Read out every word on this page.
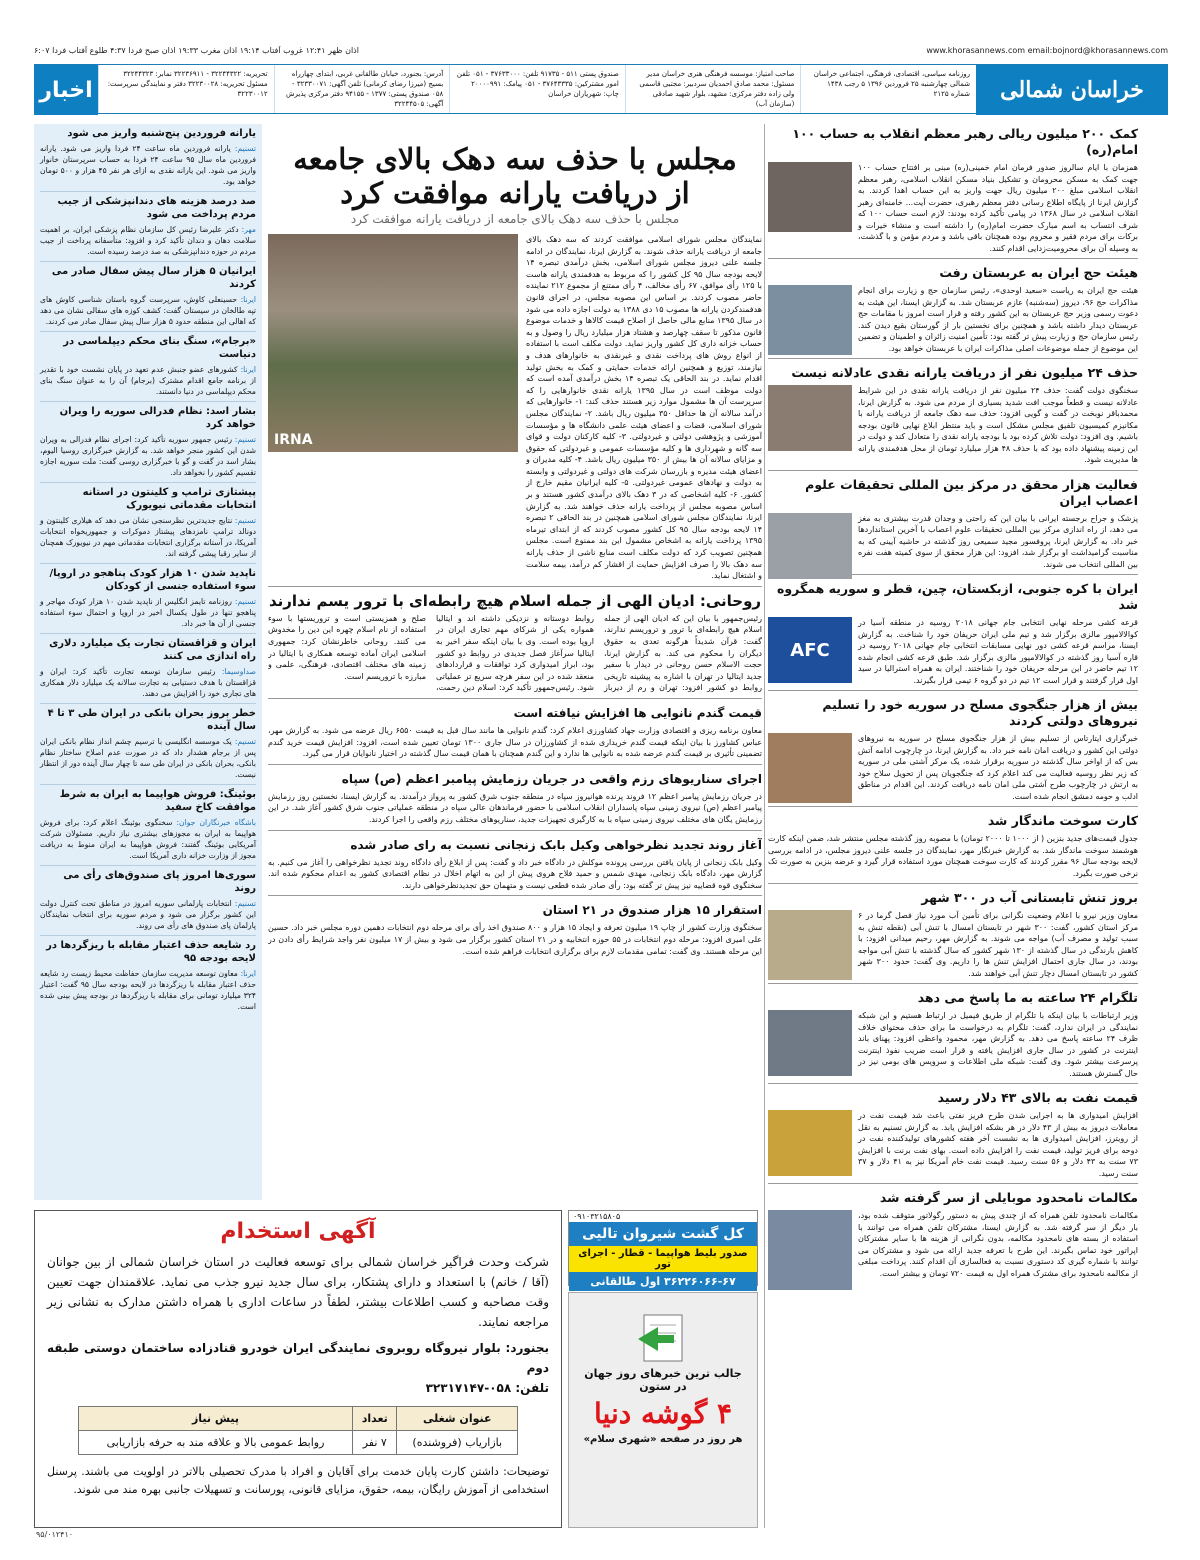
اذان ظهر ۱۲:۴۱ غروب آفتاب ۱۹:۱۴ اذان مغرب ۱۹:۳۳ اذان صبح فردا ۴:۳۷ طلوع آفتاب فردا ۶:۰۷	www.khorasannews.com email:bojnord@khorasannews.com
خراسان شمالی
روزنامه سیاسی، اقتصادی، فرهنگی، اجتماعی خراسان شمالی چهارشنبه ۲۵ فروردین ۱۳۹۶ ۵ رجب ۱۴۳۸ شماره ۲۱۲۵
صاحب امتیاز: موسسه فرهنگی هنری خراسان مدیر مسئول: محمد صادق احمدیان سردبیر: مجتبی قاسمی ولی زاده دفتر مرکزی: مشهد، بلوار شهید صادقی (سازمان آب)
صندوق پستی ۵۱۱ - ۹۱۷۳۵ تلفن: ۳۷۶۳۳۰۰۰ - ۰۵۱ تلفن امور مشترکین: ۳۷۶۴۳۳۳۵ - ۰۵۱ پیامک: ۲۰۰۰۰۹۹۱ چاپ: شهریاران خراسان
آدرس: بجنورد، خیابان طالقانی غربی، ابتدای چهارراه بسیج (میرزا رضای کرمانی) تلفن آگهی: ۳۲۳۳۰۰۷۱ - ۰۵۸ صندوق پستی: ۱۳۷۷ - ۹۴۱۵۵ دفتر مرکزی پذیرش آگهی: ۳۲۲۴۴۵۰۵
تحریریه: ۳۲۲۴۴۳۲۲ - ۳۲۲۳۶۹۱۱ نمابر: ۳۲۲۴۴۳۲۳ مسئول تحریریه: ۳۲۲۳۰۰۲۸ دفتر و نمایندگی سرپرست: ۳۲۲۳۰۰۱۲
اخبار
کمک ۲۰۰ میلیون ریالی رهبر معظم انقلاب به حساب ۱۰۰ امام(ره)
همزمان با ایام سالروز صدور فرمان امام خمینی(ره) مبنی بر افتتاح حساب ۱۰۰ جهت کمک به مسکن محرومان و تشکیل بنیاد مسکن انقلاب اسلامی، رهبر معظم انقلاب اسلامی مبلغ ۲۰۰ میلیون ریال جهت واریز به این حساب اهدا کردند. به گزارش ایرنا از پایگاه اطلاع رسانی دفتر معظم رهبری، حضرت آیت... خامنه‌ای رهبر انقلاب اسلامی در سال ۱۳۶۸ در پیامی تأکید کرده بودند: لازم است حساب ۱۰۰ که شرف انتساب به اسم مبارک حضرت امام(ره) را داشته است و منشاء خیرات و برکات برای مردم فقیر و محروم بوده همچنان باقی باشد و مردم مؤمن و با گذشت، به وسیله آن برای محرومیت‌زدایی اقدام کنند.
هیئت حج ایران به عربستان رفت
هیئت حج ایران به ریاست «سعید اوحدی»، رئیس سازمان حج و زیارت برای انجام مذاکرات حج ۹۶، دیروز (سه‌شنبه) عازم عربستان شد. به گزارش ایسنا، این هیئت به دعوت رسمی وزیر حج عربستان به این کشور رفته و قرار است امروز با مقامات حج عربستان دیدار داشته باشد و همچنین برای نخستین بار از گورستان بقیع دیدن کند. رئیس سازمان حج و زیارت پیش تر گفته بود: تأمین امنیت زائران و اطمینان و تضمین این موضوع از جمله موضوعات اصلی مذاکرات ایران با عربستان خواهد بود.
حذف ۲۴ میلیون نفر از دریافت یارانه نقدی عادلانه نیست
سخنگوی دولت گفت: حذف ۲۴ میلیون نفر از دریافت یارانه نقدی در این شرایط عادلانه نیست و قطعاً موجب افت شدید بسیاری از مردم می شود. به گزارش ایرنا، محمدباقر نوبخت در گفت و گویی افزود: حذف سه دهک جامعه از دریافت یارانه با مکانیزم کمیسیون تلفیق مجلس مشکل است و باید منتظر ابلاغ نهایی قانون بودجه باشیم. وی افزود: دولت تلاش کرده بود با بودجه یارانه نقدی را متعادل کند و دولت در این زمینه پیشنهاد داده بود که با حذف ۴۸ هزار میلیارد تومان از محل هدفمندی یارانه ها مدیریت شود.
فعالیت هزار محقق در مرکز بین المللی تحقیقات علوم اعصاب ایران
پزشک و جراح برجسته ایرانی با بیان این که راحتی و وجدان قدرت بیشتری به مغز می دهد، از راه اندازی مرکز بین المللی تحقیقات علوم اعصاب با آخرین استانداردها خبر داد. به گزارش ایرنا، پروفسور مجید سمیعی روز گذشته در حاشیه آیینی که به مناسبت گرامیداشت او برگزار شد، افزود: این هزار محقق از سوی کمیته هفت نفره بین المللی انتخاب می شوند.
ایران با کره جنوبی، ازبکستان، چین، قطر و سوریه همگروه شد
AFC
قرعه کشی مرحله نهایی انتخابی جام جهانی ۲۰۱۸ روسیه در منطقه آسیا در کوالالامپور مالزی برگزار شد و تیم ملی ایران حریفان خود را شناخت. به گزارش ایسنا، مراسم قرعه کشی دور نهایی مسابقات انتخابی جام جهانی ۲۰۱۸ روسیه در قاره آسیا روز گذشته در کوالالامپور مالزی برگزار شد. طبق قرعه کشی انجام شده ۱۲ تیم حاضر در این مرحله حریفان خود را شناختند. ایران به همراه استرالیا در سید اول قرار گرفتند و قرار است ۱۲ تیم در دو گروه ۶ تیمی قرار بگیرند.
بیش از هزار جنگجوی مسلح در سوریه خود را تسلیم نیروهای دولتی کردند
خبرگزاری ایتارتاس از تسلیم بیش از هزار جنگجوی مسلح در سوریه به نیروهای دولتی این کشور و دریافت امان نامه خبر داد. به گزارش ایرنا، در چارچوب ادامه آتش بس که از اواخر سال گذشته در سوریه برقرار شده، یک مرکز آشتی ملی در سوریه که زیر نظر روسیه فعالیت می کند اعلام کرد که جنگجویان پس از تحویل سلاح خود به ارتش در چارچوب طرح آشتی ملی امان نامه دریافت کردند. این اقدام در مناطق ادلب و حومه دمشق انجام شده است.
کارت سوخت ماندگار شد
جدول قیمت‌های جدید بنزین ( از ۱۰۰۰ تا ۲۰۰۰ تومان) با مصوبه روز گذشته مجلس منتشر شد، ضمن اینکه کارت هوشمند سوخت ماندگار شد. به گزارش خبرنگار مهر، نمایندگان در جلسه علنی دیروز مجلس، در ادامه بررسی لایحه بودجه سال ۹۶ مقرر کردند که کارت سوخت همچنان مورد استفاده قرار گیرد و عرضه بنزین به صورت تک نرخی صورت بگیرد.
بروز تنش تابستانی آب در ۳۰۰ شهر
معاون وزیر نیرو با اعلام وضعیت نگرانی برای تأمین آب مورد نیاز فصل گرما در ۶ مرکز استان کشور، گفت: ۳۰۰ شهر در تابستان امسال با تنش آبی (نقطه تنش به سبب تولید و مصرف آب) مواجه می شوند. به گزارش مهر، رحیم میدانی افزود: با کاهش بارندگی در سال گذشته از ۱۳۰ شهر کشور که سال گذشته با تنش آبی مواجه بودند، در سال جاری احتمال افزایش تنش ها را داریم. وی گفت: حدود ۳۰۰ شهر کشور در تابستان امسال دچار تنش آبی خواهند شد.
تلگرام ۲۴ ساعته به ما پاسخ می دهد
وزیر ارتباطات با بیان اینکه با تلگرام از طریق فیمیل در ارتباط هستیم و این شبکه نمایندگی در ایران ندارد، گفت: تلگرام به درخواست ما برای حذف محتوای خلاف ظرف ۲۴ ساعته پاسخ می دهد. به گزارش مهر، محمود واعظی افزود: پهنای باند اینترنت در کشور در سال جاری افزایش یافته و قرار است ضریب نفوذ اینترنت پرسرعت بیشتر شود. وی گفت: شبکه ملی اطلاعات و سرویس های بومی نیز در حال گسترش هستند.
قیمت نفت به بالای ۴۳ دلار رسید
افزایش امیدواری ها به اجرایی شدن طرح فریز نفتی باعث شد قیمت نفت در معاملات دیروز به بیش از ۴۳ دلار در هر بشکه افزایش یابد. به گزارش تسنیم به نقل از رویترز، افزایش امیدواری ها به نشست آخر هفته کشورهای تولیدکننده نفت در دوحه برای فریز تولید، قیمت نفت را افزایش داده است. بهای نفت برنت با افزایش ۷۳ سنت به ۴۳ دلار و ۵۶ سنت رسید. قیمت نفت خام آمریکا نیز به ۴۱ دلار و ۳۷ سنت رسید.
مکالمات نامحدود موبایلی از سر گرفته شد
مکالمات نامحدود تلفن همراه که از چندی پیش به دستور رگولاتور متوقف شده بود، بار دیگر از سر گرفته شد. به گزارش ایسنا، مشترکان تلفن همراه می توانند با استفاده از بسته های نامحدود مکالمه، بدون نگرانی از هزینه ها با سایر مشترکان اپراتور خود تماس بگیرند. این طرح با تعرفه جدید ارائه می شود و مشترکان می توانند با شماره گیری کد دستوری نسبت به فعالسازی آن اقدام کنند. پرداخت مبلغی از مکالمه نامحدود برای مشترک همراه اول به قیمت ۷۲۰ تومان و بیشتر است.
مجلس با حذف سه دهک بالای جامعه
از دریافت یارانه موافقت کرد
مجلس با حذف سه دهک بالای جامعه از دریافت یارانه موافقت کرد
نمایندگان مجلس شورای اسلامی موافقت کردند که سه دهک بالای جامعه از دریافت یارانه حذف شوند. به گزارش ایرنا، نمایندگان در ادامه جلسه علنی دیروز مجلس شورای اسلامی، بخش درآمدی تبصره ۱۴ لایحه بودجه سال ۹۵ کل کشور را که مربوط به هدفمندی یارانه هاست با ۱۲۵ رأی موافق، ۶۷ رأی مخالف، ۴ رأی ممتنع از مجموع ۲۱۲ نماینده حاضر مصوب کردند. بر اساس این مصوبه مجلس، در اجرای قانون هدفمندکردن یارانه ها مصوب ۱۵ دی ۱۳۸۸ به دولت اجازه داده می شود در سال ۱۳۹۵ منابع مالی حاصل از اصلاح قیمت کالاها و خدمات موضوع قانون مذکور تا سقف چهارصد و هشتاد هزار میلیارد ریال را وصول و به حساب خزانه داری کل کشور واریز نماید. دولت مکلف است با استفاده از انواع روش های پرداخت نقدی و غیرنقدی به خانوارهای هدف و نیازمند، توزیع و همچنین ارائه خدمات حمایتی و کمک به بخش تولید اقدام نماید. در بند الحاقی یک تبصره ۱۴ بخش درآمدی آمده است که دولت موظف است در سال ۱۳۹۵ یارانه نقدی خانوارهایی را که سرپرست آن ها مشمول موارد زیر هستند حذف کند: ۱- خانوارهایی که درآمد سالانه آن ها حداقل ۳۵۰ میلیون ریال باشد. ۲- نمایندگان مجلس شورای اسلامی، قضات و اعضای هیئت علمی دانشگاه ها و مؤسسات آموزشی و پژوهشی دولتی و غیردولتی. ۳- کلیه کارکنان دولت و قوای سه گانه و شهرداری ها و کلیه مؤسسات عمومی و غیردولتی که حقوق و مزایای سالانه آن ها بیش از ۳۵۰ میلیون ریال باشد. ۴- کلیه مدیران و اعضای هیئت مدیره و بازرسان شرکت های دولتی و غیردولتی و وابسته به دولت و نهادهای عمومی غیردولتی. ۵- کلیه ایرانیان مقیم خارج از کشور. ۶- کلیه اشخاصی که در ۳ دهک بالای درآمدی کشور هستند و بر اساس مصوبه مجلس از پرداخت یارانه حذف خواهند شد. به گزارش ایرنا، نمایندگان مجلس شورای اسلامی همچنین در بند الحاقی ۲ تبصره ۱۴ لایحه بودجه سال ۹۵ کل کشور مصوب کردند که از ابتدای تیرماه ۱۳۹۵ پرداخت یارانه به اشخاص مشمول این بند ممنوع است. مجلس همچنین تصویب کرد که دولت مکلف است منابع ناشی از حذف یارانه سه دهک بالا را صرف افزایش حمایت از اقشار کم درآمد، بیمه سلامت و اشتغال نماید.
IRNA
روحانی: ادیان الهی از جمله اسلام هیچ رابطه‌ای با ترور یسم ندارند
رئیس‌جمهور با بیان این که ادیان الهی از جمله اسلام هیچ رابطه‌ای با ترور و تروریسم ندارند، گفت: قرآن شدیداً هرگونه تعدی به حقوق دیگران را محکوم می کند. به گزارش ایرنا، حجت الاسلام حسن روحانی در دیدار با سفیر جدید ایتالیا در تهران با اشاره به پیشینه تاریخی روابط دو کشور افزود: تهران و رم از دیرباز روابط دوستانه و نزدیکی داشته اند و ایتالیا همواره یکی از شرکای مهم تجاری ایران در اروپا بوده است. وی با بیان اینکه سفر اخیر به ایتالیا سرآغاز فصل جدیدی در روابط دو کشور بود، ابراز امیدواری کرد توافقات و قراردادهای منعقد شده در این سفر هرچه سریع تر عملیاتی شود. رئیس‌جمهور تأکید کرد: اسلام دین رحمت، صلح و همزیستی است و تروریستها با سوء استفاده از نام اسلام چهره این دین را مخدوش می کنند. روحانی خاطرنشان کرد: جمهوری اسلامی ایران آماده توسعه همکاری با ایتالیا در زمینه های مختلف اقتصادی، فرهنگی، علمی و مبارزه با تروریسم است.
قیمت گندم نانوایی ها افزایش نیافته است
معاون برنامه ریزی و اقتصادی وزارت جهاد کشاورزی اعلام کرد: گندم نانوایی ها مانند سال قبل به قیمت ۶۵۵۰ ریال عرضه می شود. به گزارش مهر، عباس کشاورز با بیان اینکه قیمت گندم خریداری شده از کشاورزان در سال جاری ۱۳۰۰ تومان تعیین شده است، افزود: افزایش قیمت خرید گندم تضمینی تأثیری بر قیمت گندم عرضه شده به نانوایی ها ندارد و این گندم همچنان با همان قیمت سال گذشته در اختیار نانوایان قرار می گیرد.
اجرای سناریوهای رزم واقعی در جریان رزمایش پیامبر اعظم (ص) سپاه
در جریان رزمایش پیامبر اعظم ۱۲ فروند پرنده هوانیروز سپاه در منطقه جنوب شرق کشور به پرواز درآمدند. به گزارش ایسنا، نخستین روز رزمایش پیامبر اعظم (ص) نیروی زمینی سپاه پاسداران انقلاب اسلامی با حضور فرماندهان عالی سپاه در منطقه عملیاتی جنوب شرق کشور آغاز شد. در این رزمایش یگان های مختلف نیروی زمینی سپاه با به کارگیری تجهیزات جدید، سناریوهای مختلف رزم واقعی را اجرا کردند.
آغاز روند تجدید نظرخواهی وکیل بابک زنجانی نسبت به رای صادر شده
وکیل بابک زنجانی از پایان یافتن بررسی پرونده موکلش در دادگاه خبر داد و گفت: پس از ابلاغ رأی دادگاه روند تجدید نظرخواهی را آغاز می کنیم. به گزارش مهر، دادگاه بابک زنجانی، مهدی شمس و حمید فلاح هروی پیش از این به اتهام اخلال در نظام اقتصادی کشور به اعدام محکوم شده اند. سخنگوی قوه قضاییه نیز پیش تر گفته بود: رأی صادر شده قطعی نیست و متهمان حق تجدیدنظرخواهی دارند.
استقرار ۱۵ هزار صندوق در ۲۱ استان
سخنگوی وزارت کشور از چاپ ۱۹ میلیون تعرفه و ایجاد ۱۵ هزار و ۸۰۰ صندوق اخذ رأی برای مرحله دوم انتخابات دهمین دوره مجلس خبر داد. حسین علی امیری افزود: مرحله دوم انتخابات در ۵۵ حوزه انتخابیه و در ۲۱ استان کشور برگزار می شود و بیش از ۱۷ میلیون نفر واجد شرایط رأی دادن در این مرحله هستند. وی گفت: تمامی مقدمات لازم برای برگزاری انتخابات فراهم شده است.
یارانه فروردین پنج‌شنبه واریز می شود
تسنیم: یارانه فروردین ماه ساعت ۲۴ فردا واریز می شود. یارانه فروردین ماه سال ۹۵ ساعت ۲۴ فردا به حساب سرپرستان خانوار واریز می شود. این یارانه نقدی به ازای هر نفر ۴۵ هزار و ۵۰۰ تومان خواهد بود.
صد درصد هزینه های دندانپزشکی از جیب مردم پرداخت می شود
مهر: دکتر علیرضا رئیس کل سازمان نظام پزشکی ایران، بر اهمیت سلامت دهان و دندان تأکید کرد و افزود: متأسفانه پرداخت از جیب مردم در حوزه دندانپزشکی به صد درصد رسیده است.
ایرانیان ۵ هزار سال پیش سفال صادر می کردند
ایرنا: حسینعلی کاوش، سرپرست گروه باستان شناسی کاوش های تپه طالخان در سیستان گفت: کشف کوزه های سفالی نشان می دهد که اهالی این منطقه حدود ۵ هزار سال پیش سفال صادر می کردند.
«برجام»، سنگ بنای محکم دیپلماسی در دنیاست
ایرنا: کشورهای عضو جنبش عدم تعهد در پایان نشست خود با تقدیر از برنامه جامع اقدام مشترک (برجام) آن را به عنوان سنگ بنای محکم دیپلماسی در دنیا دانستند.
بشار اسد: نظام فدرالی سوریه را ویران خواهد کرد
تسنیم: رئیس جمهور سوریه تأکید کرد: اجرای نظام فدرالی به ویران شدن این کشور منجر خواهد شد. به گزارش خبرگزاری روسیا الیوم، بشار اسد در گفت و گو با خبرگزاری روسی گفت: ملت سوریه اجازه تقسیم کشور را نخواهد داد.
پیشتازی ترامپ و کلینتون در استانه انتخابات مقدماتی نیویورک
تسنیم: نتایج جدیدترین نظرسنجی نشان می دهد که هیلاری کلینتون و دونالد ترامپ نامزدهای پیشتاز دموکرات و جمهوریخواه انتخابات آمریکا، در آستانه برگزاری انتخابات مقدماتی مهم در نیویورک همچنان از سایر رقبا پیشی گرفته اند.
ناپدید شدن ۱۰ هزار کودک پناهجو در اروپا/ سوء استفاده جنسی از کودکان
تسنیم: روزنامه تایمز انگلیس از ناپدید شدن ۱۰ هزار کودک مهاجر و پناهجو تنها در طول یکسال اخیر در اروپا و احتمال سوء استفاده جنسی از آن ها خبر داد.
ایران و قزاقستان تجارت یک میلیارد دلاری راه اندازی می کنند
صداوسیما: رئیس سازمان توسعه تجارت تأکید کرد: ایران و قزاقستان با هدف دستیابی به تجارت سالانه یک میلیارد دلار همکاری های تجاری خود را افزایش می دهند.
خطر بروز بحران بانکی در ایران طی ۳ تا ۴ سال آینده
تسنیم: یک موسسه انگلیسی با ترسیم چشم انداز نظام بانکی ایران پس از برجام هشدار داد که در صورت عدم اصلاح ساختار نظام بانکی، بحران بانکی در ایران طی سه تا چهار سال آینده دور از انتظار نیست.
بوئینگ: فروش هواپیما به ایران به شرط موافقت کاخ سفید
باشگاه خبرنگاران جوان: سخنگوی بوئینگ اعلام کرد: برای فروش هواپیما به ایران به مجوزهای بیشتری نیاز داریم. مسئولان شرکت آمریکایی بوئینگ گفتند: فروش هواپیما به ایران منوط به دریافت مجوز از وزارت خزانه داری آمریکا است.
سوری‌ها امروز پای صندوق‌های رأی می روند
تسنیم: انتخابات پارلمانی سوریه امروز در مناطق تحت کنترل دولت این کشور برگزار می شود و مردم سوریه برای انتخاب نمایندگان پارلمان پای صندوق های رأی می روند.
رد شایعه حذف اعتبار مقابله با ریزگردها در لایحه بودجه ۹۵
ایرنا: معاون توسعه مدیریت سازمان حفاظت محیط زیست رد شایعه حذف اعتبار مقابله با ریزگردها در لایحه بودجه سال ۹۵ گفت: اعتبار ۳۲۴ میلیارد تومانی برای مقابله با ریزگردها در بودجه پیش بینی شده است.
آگهی استخدام

شرکت وحدت فراگیر خراسان شمالی برای توسعه فعالیت در استان خراسان شمالی از بین جوانان (آقا / خانم) با استعداد و دارای پشتکار، برای سال جدید نیرو جذب می نماید. علاقمندان جهت تعیین وقت مصاحبه و کسب اطلاعات بیشتر، لطفاً در ساعات اداری با همراه داشتن مدارک به نشانی زیر مراجعه نمایند.

بجنورد: بلوار نیروگاه روبروی نمایندگی ایران خودرو قنادزاده ساختمان دوستی طبقه دوم

تلفن: ۰۵۸-۳۲۳۱۷۱۴۷

عنوان شغلی	تعداد	پیش نیاز
بازاریاب (فروشنده)	۷ نفر	روابط عمومی بالا و علاقه مند به حرفه بازاریابی

توضیحات: داشتن کارت پایان خدمت برای آقایان و افراد با مدرک تحصیلی بالاتر در اولویت می باشند. پرسنل استخدامی از آموزش رایگان، بیمه، حقوق، مزایای قانونی، پورسانت و تسهیلات جانبی بهره مند می شوند.

۰۹۱۰۳۲۱۵۸۰۵
کل گشت شیروان تالیی
صدور بلیط هواپیما - قطار - اجرای تور
۳۶۲۲۶۰۶۶-۶۷ اول طالقانی
جالب ترین خبرهای روز جهان در ستون
۴ گوشه دنیا
هر روز در صفحه «شهری سلام»
۹۵/۰۱۲۴۱۰
